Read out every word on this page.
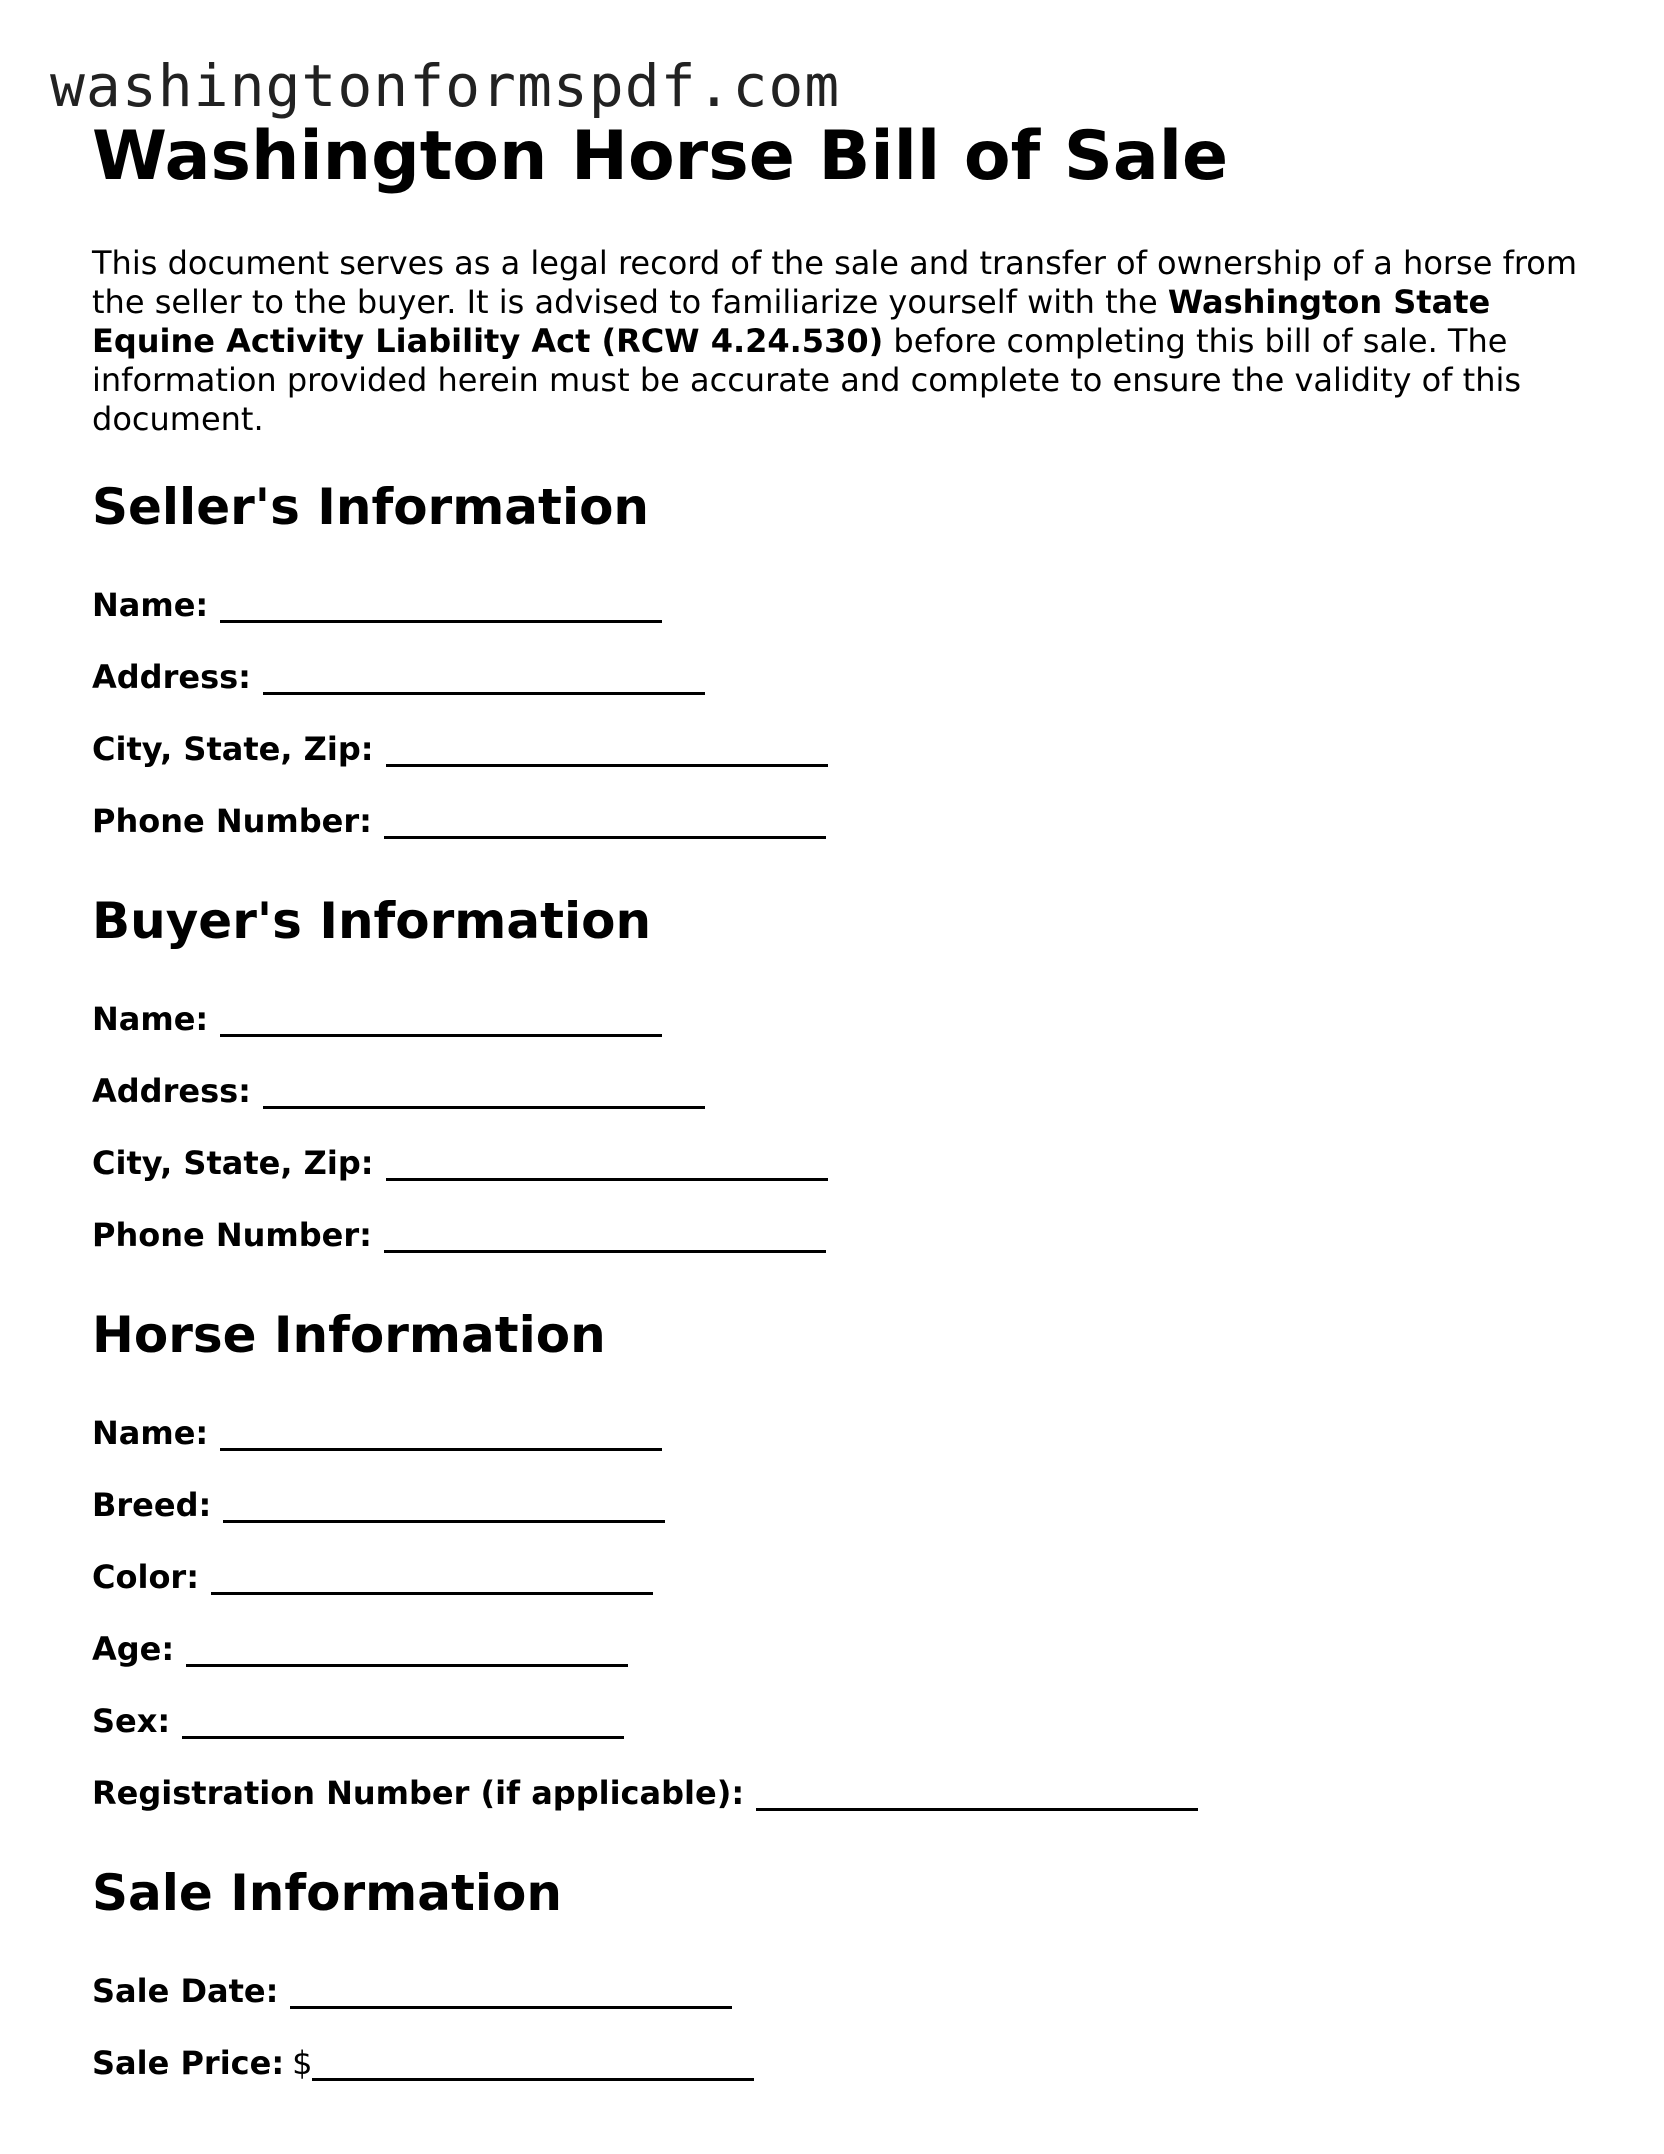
washingtonformspdf.com
Washington Horse Bill of Sale

This document serves as a legal record of the sale and transfer of ownership of a horse from the seller to the buyer. It is advised to familiarize yourself with the Washington State Equine Activity Liability Act (RCW 4.24.530) before completing this bill of sale. The information provided herein must be accurate and complete to ensure the validity of this document.

Seller's Information
Name:
Address:
City, State, Zip:
Phone Number:
Buyer's Information
Name:
Address:
City, State, Zip:
Phone Number:
Horse Information
Name:
Breed:
Color:
Age:
Sex:
Registration Number (if applicable):
Sale Information
Sale Date:
Sale Price: $
